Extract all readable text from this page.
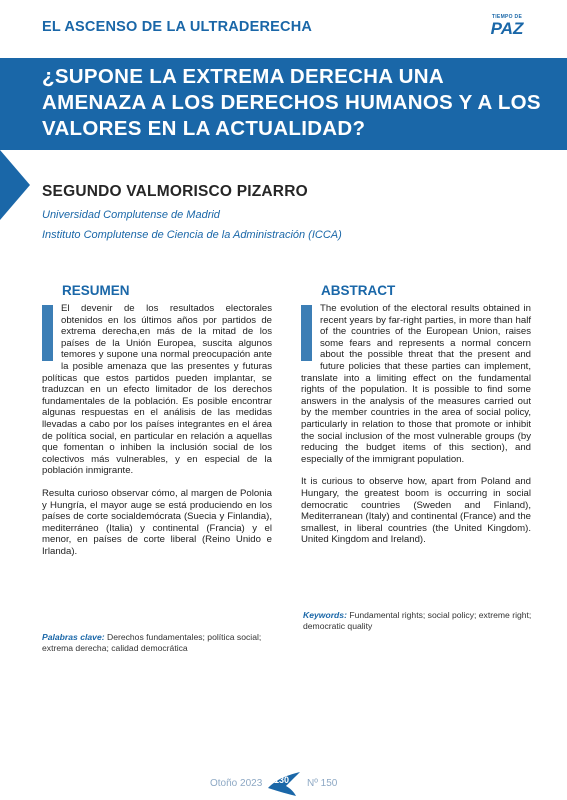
EL ASCENSO DE LA ULTRADERECHA
TIEMPO DE
PAZ
¿SUPONE LA EXTREMA DERECHA UNA AMENAZA A LOS DERECHOS HUMANOS Y A LOS VALORES EN LA ACTUALIDAD?
SEGUNDO VALMORISCO PIZARRO
Universidad Complutense de Madrid
Instituto Complutense de Ciencia de la Administración (ICCA)
RESUMEN

El devenir de los resultados electorales obtenidos en los últimos años por partidos de extrema derecha,en más de la mitad de los países de la Unión Europea, suscita algunos temores y supone una normal preocupación ante la posible amenaza que las presentes y futuras políticas que estos partidos pueden implantar, se traduzcan en un efecto limitador de los derechos fundamentales de la población. Es posible encontrar algunas respuestas en el análisis de las medidas llevadas a cabo por los países integrantes en el área de política social, en particular en relación a aquellas que fomentan o inhiben la inclusión social de los colectivos más vulnerables, y en especial de la población inmigrante.

Resulta curioso observar cómo, al margen de Polonia y Hungría, el mayor auge se está produciendo en los países de corte socialdemócrata (Suecia y Finlandia), mediterráneo (Italia) y continental (Francia) y el menor, en países de corte liberal (Reino Unido e Irlanda).

Palabras clave: Derechos fundamentales; política social; extrema derecha; calidad democrática
ABSTRACT

The evolution of the electoral results obtained in recent years by far-right parties, in more than half of the countries of the European Union, raises some fears and represents a normal concern about the possible threat that the present and future policies that these parties can implement, translate into a limiting effect on the fundamental rights of the population. It is possible to find some answers in the analysis of the measures carried out by the member countries in the area of social policy, particularly in relation to those that promote or inhibit the social inclusion of the most vulnerable groups (by reducing the budget items of this section), and especially of the immigrant population.

It is curious to observe how, apart from Poland and Hungary, the greatest boom is occurring in social democratic countries (Sweden and Finland), Mediterranean (Italy) and continental (France) and the smallest, in liberal countries (the United Kingdom). United Kingdom and Ireland).

Keywords: Fundamental rights; social policy; extreme right; democratic quality
Otoño 2023 130 Nº 150
